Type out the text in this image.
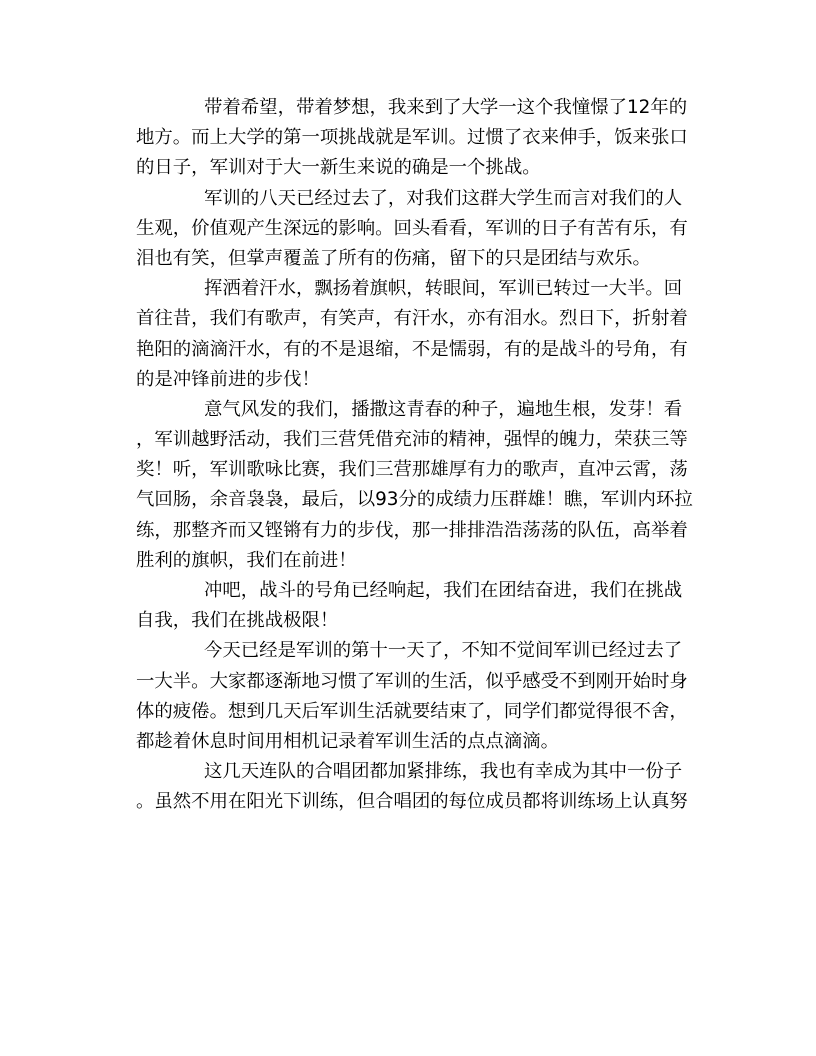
带着希望，带着梦想，我来到了大学一这个我憧憬了12年的
地方。而上大学的第一项挑战就是军训。过惯了衣来伸手，饭来张口
的日子，军训对于大一新生来说的确是一个挑战。
军训的八天已经过去了，对我们这群大学生而言对我们的人
生观，价值观产生深远的影响。回头看看，军训的日子有苦有乐，有
泪也有笑，但掌声覆盖了所有的伤痛，留下的只是团结与欢乐。
挥洒着汗水，飘扬着旗帜，转眼间，军训已转过一大半。回
首往昔，我们有歌声，有笑声，有汗水，亦有泪水。烈日下，折射着
艳阳的滴滴汗水，有的不是退缩，不是懦弱，有的是战斗的号角，有
的是冲锋前进的步伐！
意气风发的我们，播撒这青春的种子，遍地生根，发芽！看
，军训越野活动，我们三营凭借充沛的精神，强悍的魄力，荣获三等
奖！听，军训歌咏比赛，我们三营那雄厚有力的歌声，直冲云霄，荡
气回肠，余音袅袅，最后，以93分的成绩力压群雄！瞧，军训内环拉
练，那整齐而又铿锵有力的步伐，那一排排浩浩荡荡的队伍，高举着
胜利的旗帜，我们在前进！
冲吧，战斗的号角已经响起，我们在团结奋进，我们在挑战
自我，我们在挑战极限！
今天已经是军训的第十一天了，不知不觉间军训已经过去了
一大半。大家都逐渐地习惯了军训的生活，似乎感受不到刚开始时身
体的疲倦。想到几天后军训生活就要结束了，同学们都觉得很不舍，
都趁着休息时间用相机记录着军训生活的点点滴滴。
这几天连队的合唱团都加紧排练，我也有幸成为其中一份子
。虽然不用在阳光下训练，但合唱团的每位成员都将训练场上认真努
